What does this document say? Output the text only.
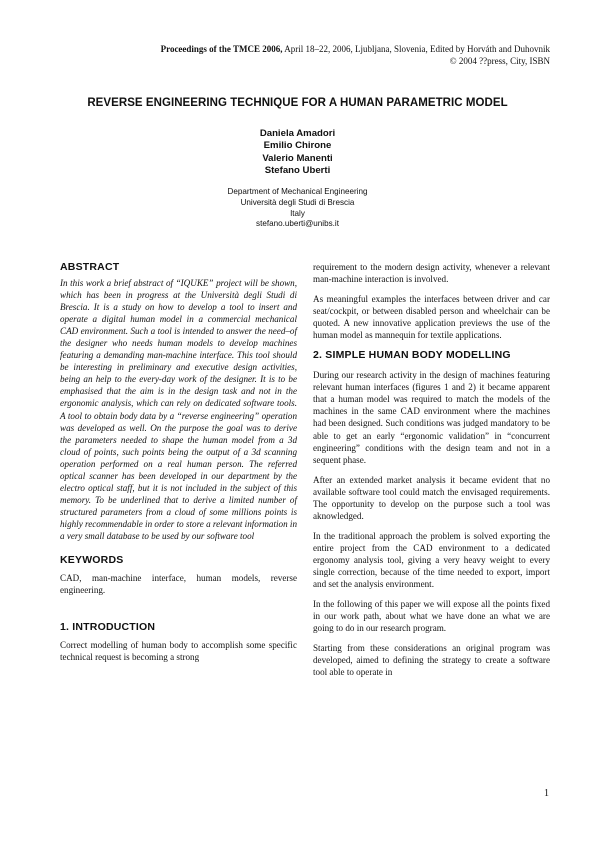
Proceedings of the TMCE 2006, April 18–22, 2006, Ljubljana, Slovenia, Edited by Horváth and Duhovnik
© 2004 ??press, City, ISBN
REVERSE ENGINEERING TECHNIQUE FOR A HUMAN PARAMETRIC MODEL
Daniela Amadori
Emilio Chirone
Valerio Manenti
Stefano Uberti
Department of Mechanical Engineering
Università degli Studi di Brescia
Italy
stefano.uberti@unibs.it
ABSTRACT

In this work a brief abstract of “IQUKE” project will be shown, which has been in progress at the Università degli Studi di Brescia. It is a study on how to develop a tool to insert and operate a digital human model in a commercial mechanical CAD environment. Such a tool is intended to answer the need–of the designer who needs human models to develop machines featuring a demanding man-machine interface. This tool should be interesting in preliminary and executive design activities, being an help to the every-day work of the designer. It is to be emphasised that the aim is in the design task and not in the ergonomic analysis, which can rely on dedicated software tools. A tool to obtain body data by a “reverse engineering” operation was developed as well. On the purpose the goal was to derive the parameters needed to shape the human model from a 3d cloud of points, such points being the output of a 3d scanning operation performed on a real human person. The referred optical scanner has been developed in our department by the electro optical staff, but it is not included in the subject of this memory. To be underlined that to derive a limited number of structured parameters from a cloud of some millions points is highly recommendable in order to store a relevant information in a very small database to be used by our software tool

KEYWORDS

CAD, man-machine interface, human models, reverse engineering.

1. INTRODUCTION

Correct modelling of human body to accomplish some specific technical request is becoming a strong

requirement to the modern design activity, whenever a relevant man-machine interaction is involved.

As meaningful examples the interfaces between driver and car seat/cockpit, or between disabled person and wheelchair can be quoted. A new innovative application previews the use of the human model as mannequin for textile applications.

2. SIMPLE HUMAN BODY MODELLING

During our research activity in the design of machines featuring relevant human interfaces (figures 1 and 2) it became apparent that a human model was required to match the models of the machines in the same CAD environment where the machines had been designed. Such conditions was judged mandatory to be able to get an early “ergonomic validation” in “concurrent engineering” conditions with the design team and not in a sequent phase.

After an extended market analysis it became evident that no available software tool could match the envisaged requirements. The opportunity to develop on the purpose such a tool was aknowledged.

In the traditional approach the problem is solved exporting the entire project from the CAD environment to a dedicated ergonomy analysis tool, giving a very heavy weight to every single correction, because of the time needed to export, import and set the analysis environment.

In the following of this paper we will expose all the points fixed in our work path, about what we have done an what we are going to do in our research program.

Starting from these considerations an original program was developed, aimed to defining the strategy to create a software tool able to operate in

1
